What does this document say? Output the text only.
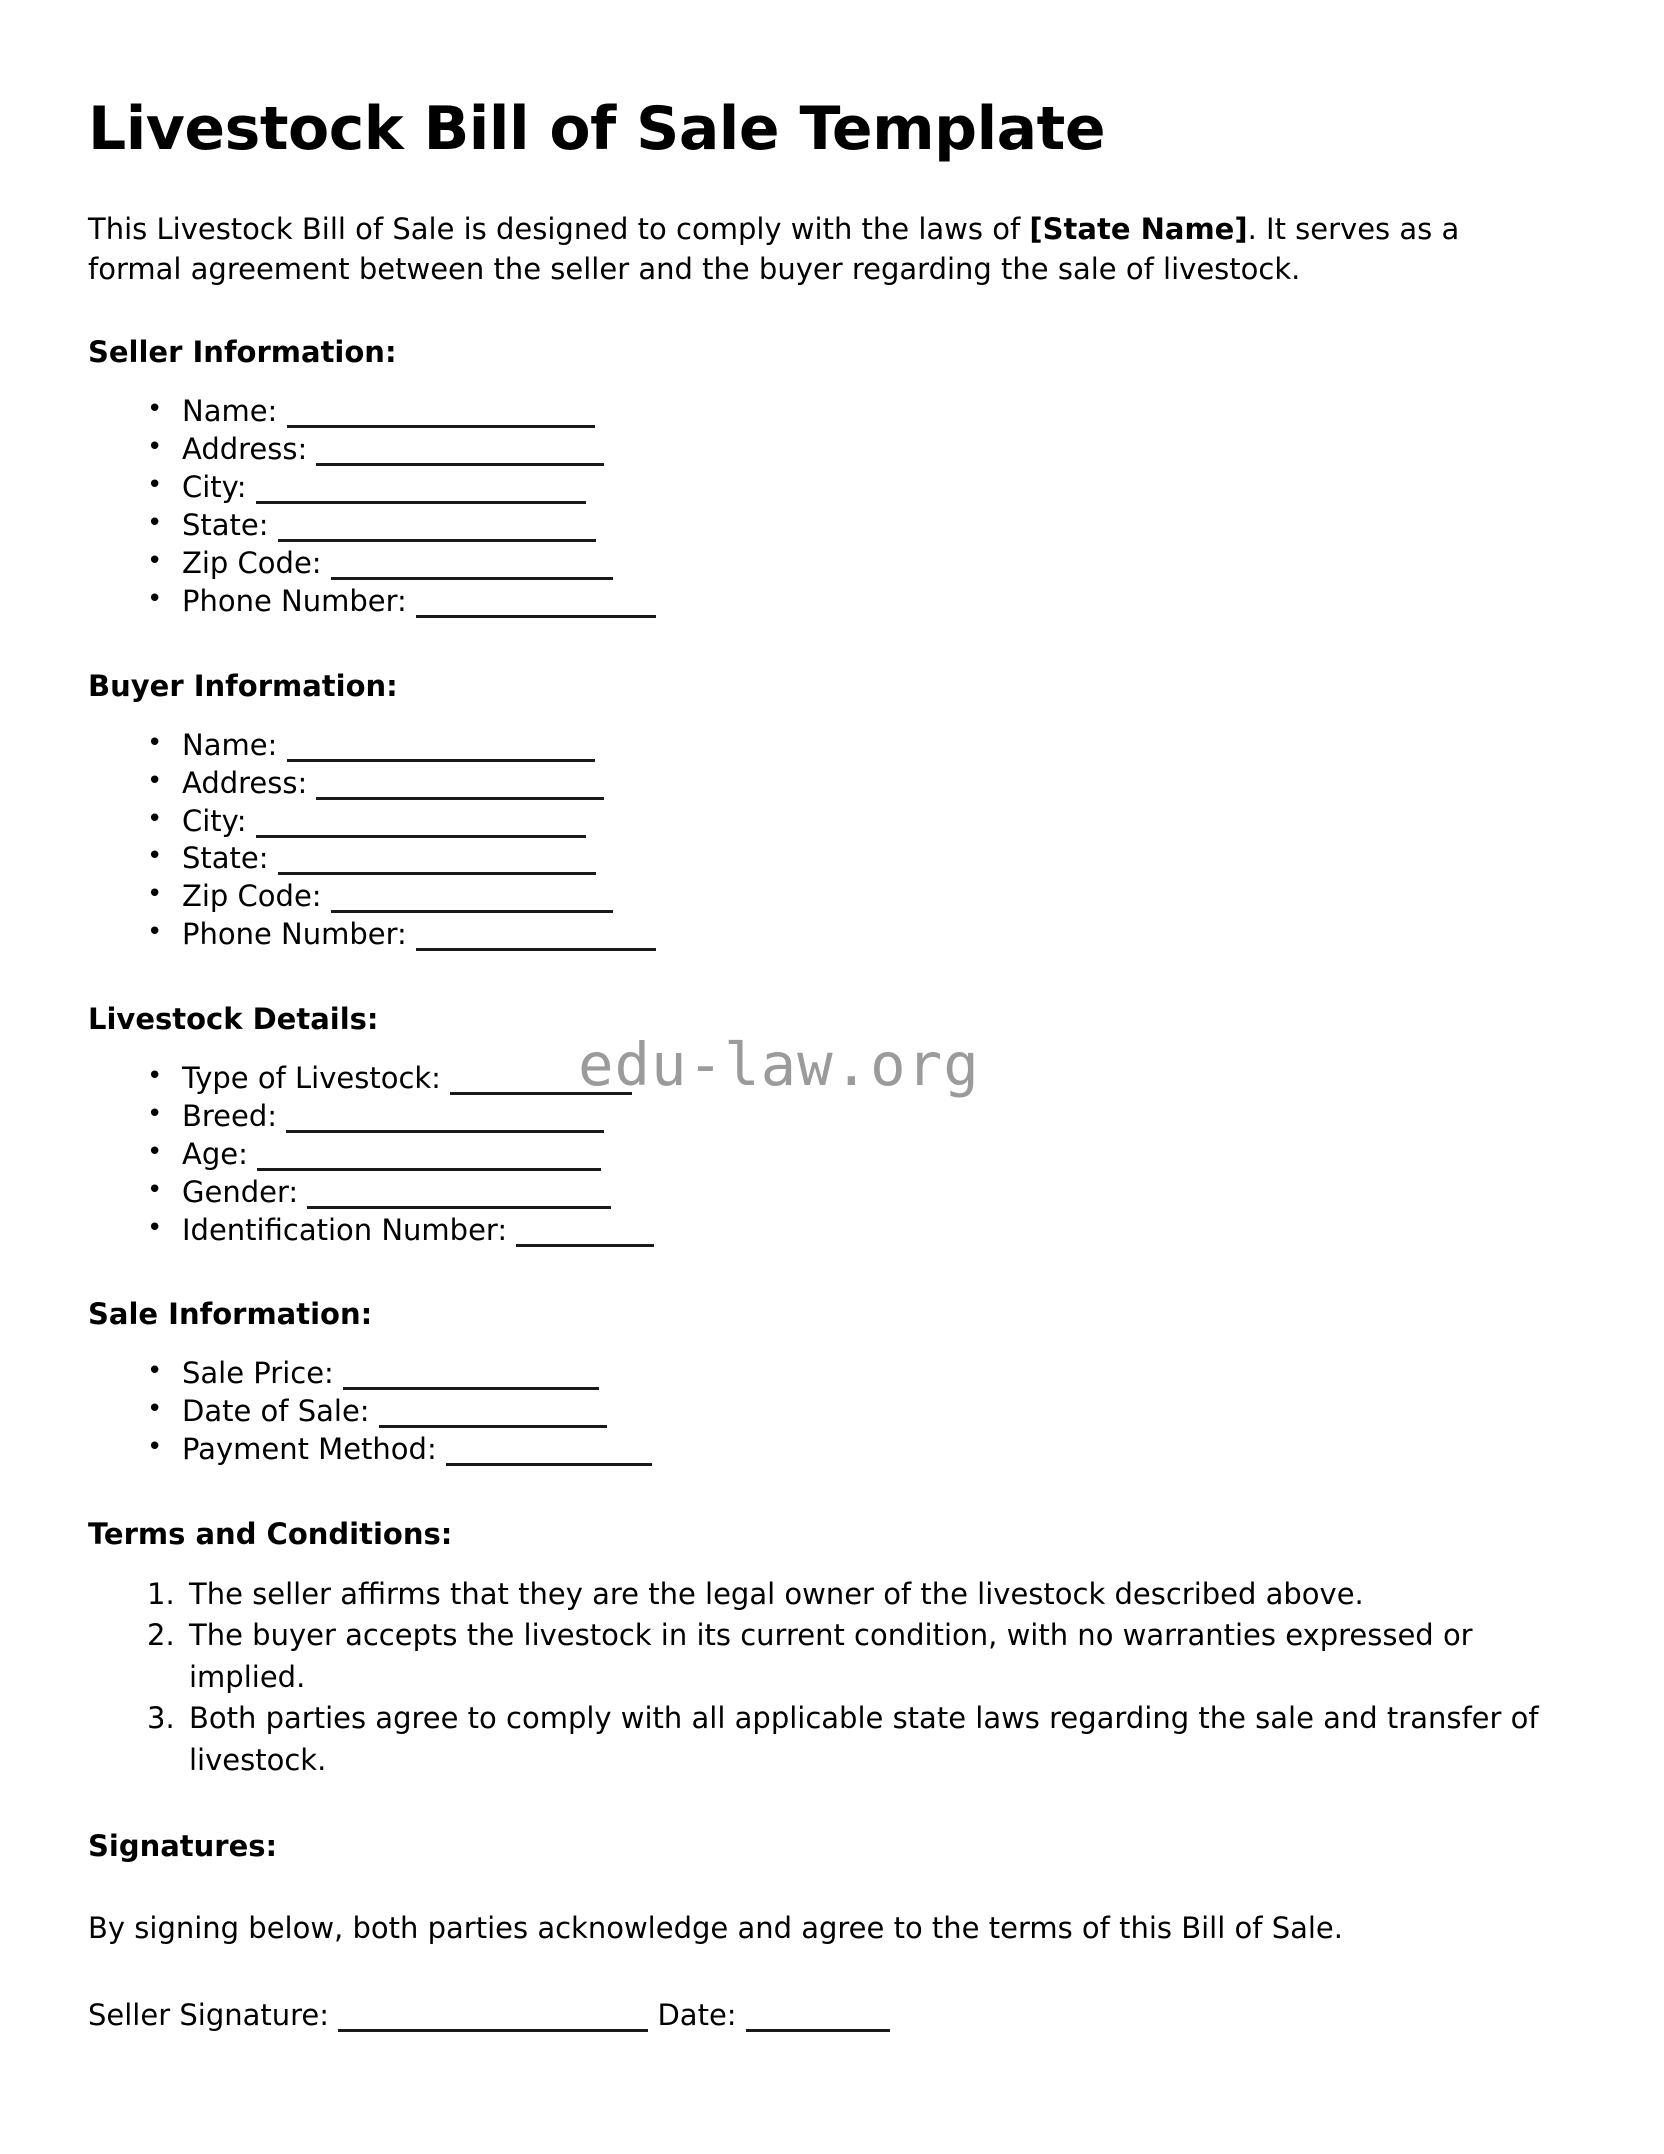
edu-law.org
Livestock Bill of Sale Template

This Livestock Bill of Sale is designed to comply with the laws of [State Name]. It serves as a formal agreement between the seller and the buyer regarding the sale of livestock.

Seller Information:
• Name:
• Address:
• City:
• State:
• Zip Code:
• Phone Number:
Buyer Information:
• Name:
• Address:
• City:
• State:
• Zip Code:
• Phone Number:
Livestock Details:
• Type of Livestock:
• Breed:
• Age:
• Gender:
• Identification Number:
Sale Information:
• Sale Price:
• Date of Sale:
• Payment Method:
Terms and Conditions:
The seller affirms that they are the legal owner of the livestock described above.
The buyer accepts the livestock in its current condition, with no warranties expressed or implied.
Both parties agree to comply with all applicable state laws regarding the sale and transfer of livestock.
Signatures:

By signing below, both parties acknowledge and agree to the terms of this Bill of Sale.

Seller Signature:	Date:
